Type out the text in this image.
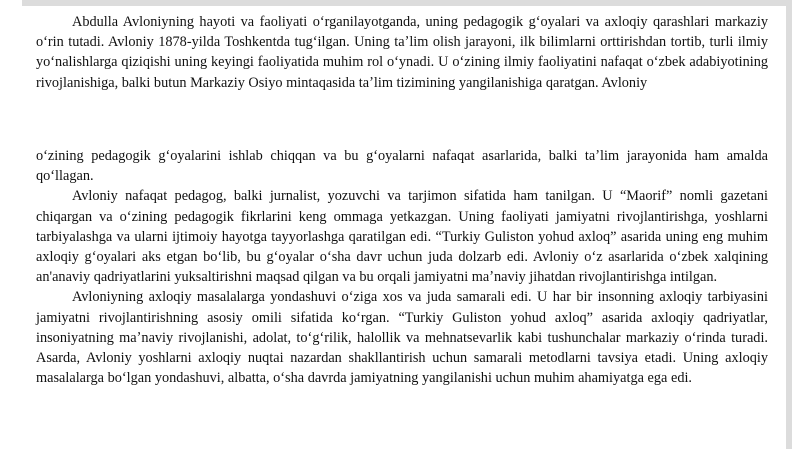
Abdulla Avloniyning hayoti va faoliyati oʻrganilayotganda, uning pedagogik gʻoyalari va axloqiy qarashlari markaziy oʻrin tutadi. Avloniy 1878-yilda Toshkentda tugʻilgan. Uning taʼlim olish jarayoni, ilk bilimlarni orttirishdan tortib, turli ilmiy yoʻnalishlarga qiziqishi uning keyingi faoliyatida muhim rol oʻynadi. U oʻzining ilmiy faoliyatini nafaqat oʻzbek adabiyotining rivojlanishiga, balki butun Markaziy Osiyo mintaqasida taʼlim tizimining yangilanishiga qaratgan. Avloniy

oʻzining pedagogik gʻoyalarini ishlab chiqqan va bu gʻoyalarni nafaqat asarlarida, balki taʼlim jarayonida ham amalda qoʻllagan.

Avloniy nafaqat pedagog, balki jurnalist, yozuvchi va tarjimon sifatida ham tanilgan. U “Maorif” nomli gazetani chiqargan va oʻzining pedagogik fikrlarini keng ommaga yetkazgan. Uning faoliyati jamiyatni rivojlantirishga, yoshlarni tarbiyalashga va ularni ijtimoiy hayotga tayyorlashga qaratilgan edi. “Turkiy Guliston yohud axloq” asarida uning eng muhim axloqiy gʻoyalari aks etgan boʻlib, bu gʻoyalar oʻsha davr uchun juda dolzarb edi. Avloniy oʻz asarlarida oʻzbek xalqining an'anaviy qadriyatlarini yuksaltirishni maqsad qilgan va bu orqali jamiyatni maʼnaviy jihatdan rivojlantirishga intilgan.

Avloniyning axloqiy masalalarga yondashuvi oʻziga xos va juda samarali edi. U har bir insonning axloqiy tarbiyasini jamiyatni rivojlantirishning asosiy omili sifatida koʻrgan. “Turkiy Guliston yohud axloq” asarida axloqiy qadriyatlar, insoniyatning maʼnaviy rivojlanishi, adolat, toʻgʻrilik, halollik va mehnatsevarlik kabi tushunchalar markaziy oʻrinda turadi. Asarda, Avloniy yoshlarni axloqiy nuqtai nazardan shakllantirish uchun samarali metodlarni tavsiya etadi. Uning axloqiy masalalarga boʻlgan yondashuvi, albatta, oʻsha davrda jamiyatning yangilanishi uchun muhim ahamiyatga ega edi.
